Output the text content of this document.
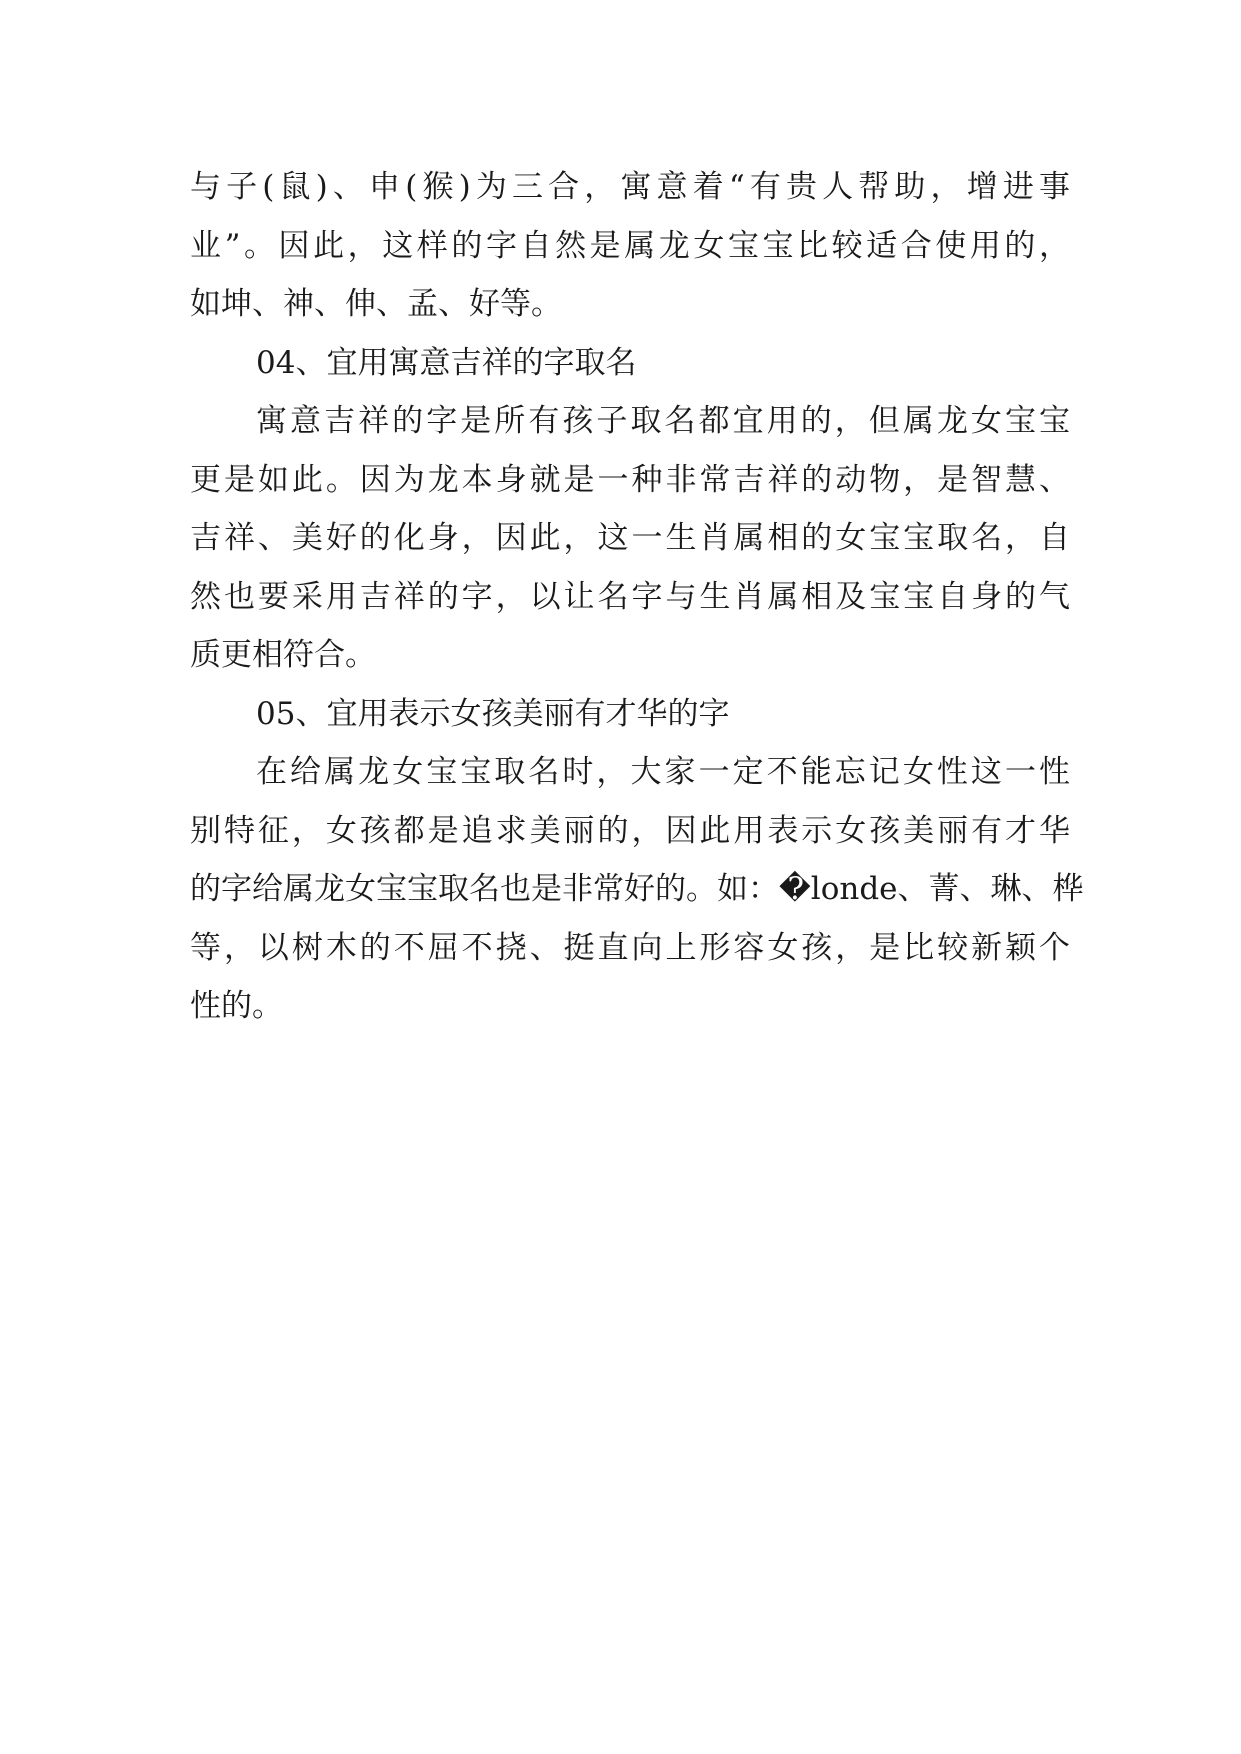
与子(鼠)、申(猴)为三合，寓意着“有贵人帮助，增进事
业”。因此，这样的字自然是属龙女宝宝比较适合使用的，
如坤、神、伸、孟、好等。
04、宜用寓意吉祥的字取名
寓意吉祥的字是所有孩子取名都宜用的，但属龙女宝宝
更是如此。因为龙本身就是一种非常吉祥的动物，是智慧、
吉祥、美好的化身，因此，这一生肖属相的女宝宝取名，自
然也要采用吉祥的字，以让名字与生肖属相及宝宝自身的气
质更相符合。
05、宜用表示女孩美丽有才华的字
在给属龙女宝宝取名时，大家一定不能忘记女性这一性
别特征，女孩都是追求美丽的，因此用表示女孩美丽有才华
的字给属龙女宝宝取名也是非常好的。如：�londe、菁、琳、桦
等，以树木的不屈不挠、挺直向上形容女孩，是比较新颖个
性的。
